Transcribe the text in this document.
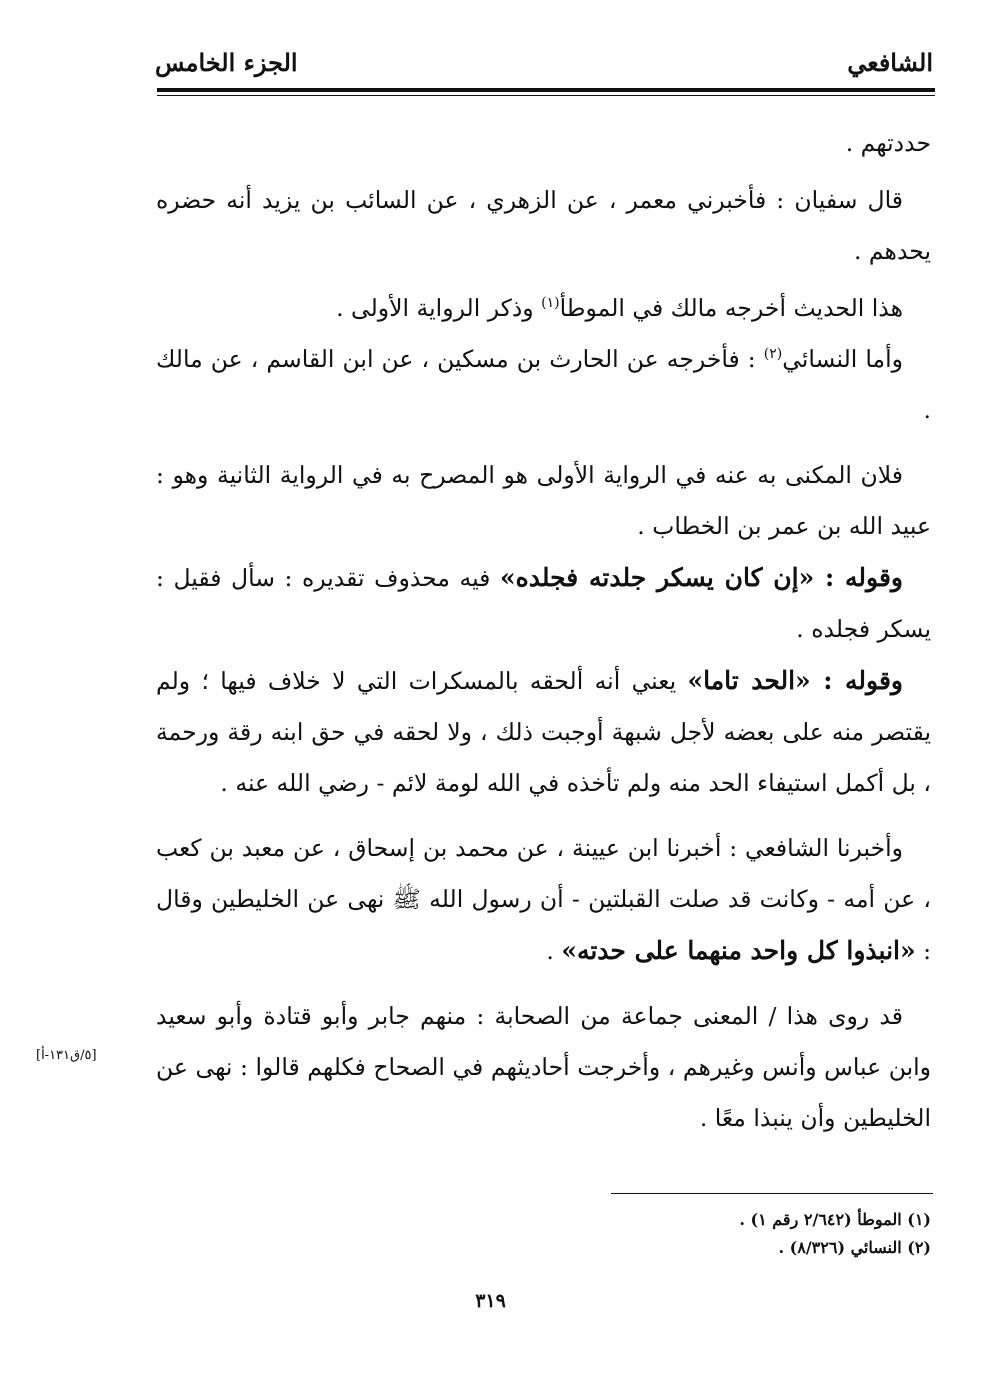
الشافعي
الجزء الخامس

حددتهم .

قال سفيان : فأخبرني معمر ، عن الزهري ، عن السائب بن يزيد أنه حضره يحدهم .

هذا الحديث أخرجه مالك في الموطأ$^{(١)}$ وذكر الرواية الأولى .

وأما النسائي$^{(٢)}$ : فأخرجه عن الحارث بن مسكين ، عن ابن القاسم ، عن مالك .

فلان المكنى به عنه في الرواية الأولى هو المصرح به في الرواية الثانية وهو : عبيد الله بن عمر بن الخطاب .

وقوله : «إن كان يسكر جلدته فجلده» فيه محذوف تقديره : سأل فقيل : يسكر فجلده .

وقوله : «الحد تاما» يعني أنه ألحقه بالمسكرات التي لا خلاف فيها ؛ ولم يقتصر منه على بعضه لأجل شبهة أوجبت ذلك ، ولا لحقه في حق ابنه رقة ورحمة ، بل أكمل استيفاء الحد منه ولم تأخذه في الله لومة لائم - رضي الله عنه .

وأخبرنا الشافعي : أخبرنا ابن عيينة ، عن محمد بن إسحاق ، عن معبد بن كعب ، عن أمه - وكانت قد صلت القبلتين - أن رسول الله ﷺ نهى عن الخليطين وقال : «انبذوا كل واحد منهما على حدته» .

قد روى هذا / المعنى جماعة من الصحابة : منهم جابر وأبو قتادة وأبو سعيد وابن عباس وأنس وغيرهم ، وأخرجت أحاديثهم في الصحاح فكلهم قالوا : نهى عن الخليطين وأن ينبذا معًا .

[٥/ق١٣١-أ]
(١) الموطأ (٢/٦٤٢ رقم ١) .
(٢) النسائي (٨/٣٢٦) .
٣١٩
